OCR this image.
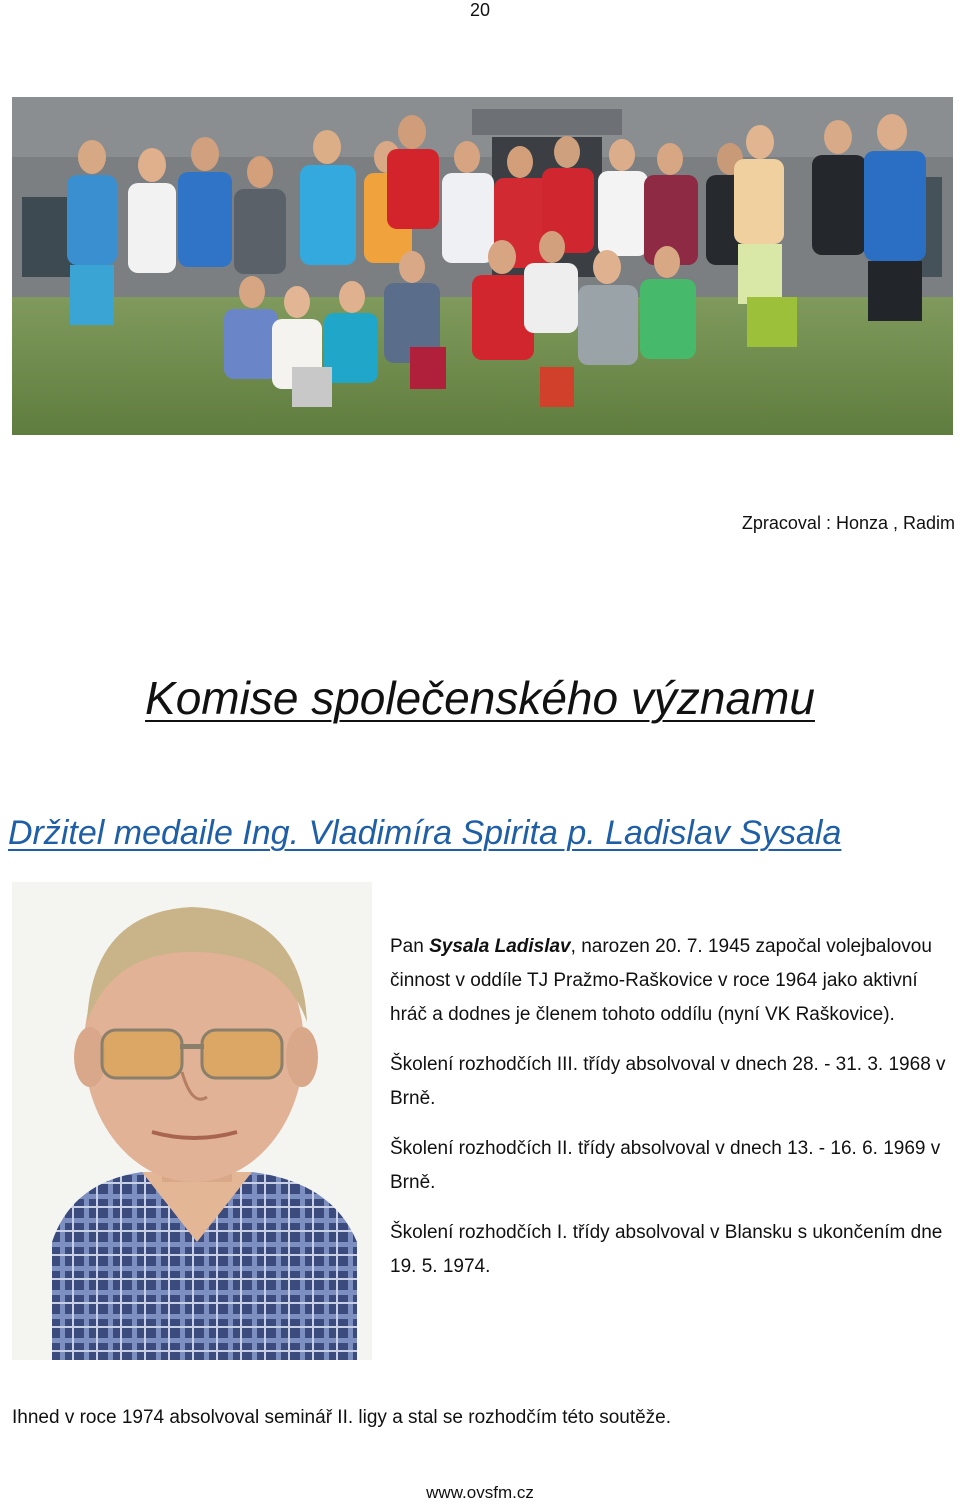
20
Zpracoval : Honza , Radim
Komise společenského významu
Držitel medaile Ing. Vladimíra Spirita p. Ladislav Sysala

Pan Sysala Ladislav, narozen 20. 7. 1945 započal volejbalovou činnost v oddíle TJ Pražmo-Raškovice v roce 1964 jako aktivní hráč a dodnes je členem tohoto oddílu (nyní VK Raškovice).

Školení rozhodčích III. třídy absolvoval v dnech 28. - 31. 3. 1968 v Brně.

Školení rozhodčích II. třídy absolvoval v dnech 13. - 16. 6. 1969 v Brně.

Školení rozhodčích I. třídy absolvoval v Blansku s ukončením dne 19. 5. 1974.

Ihned v roce 1974 absolvoval seminář II. ligy a stal se rozhodčím této soutěže.
www.ovsfm.cz
